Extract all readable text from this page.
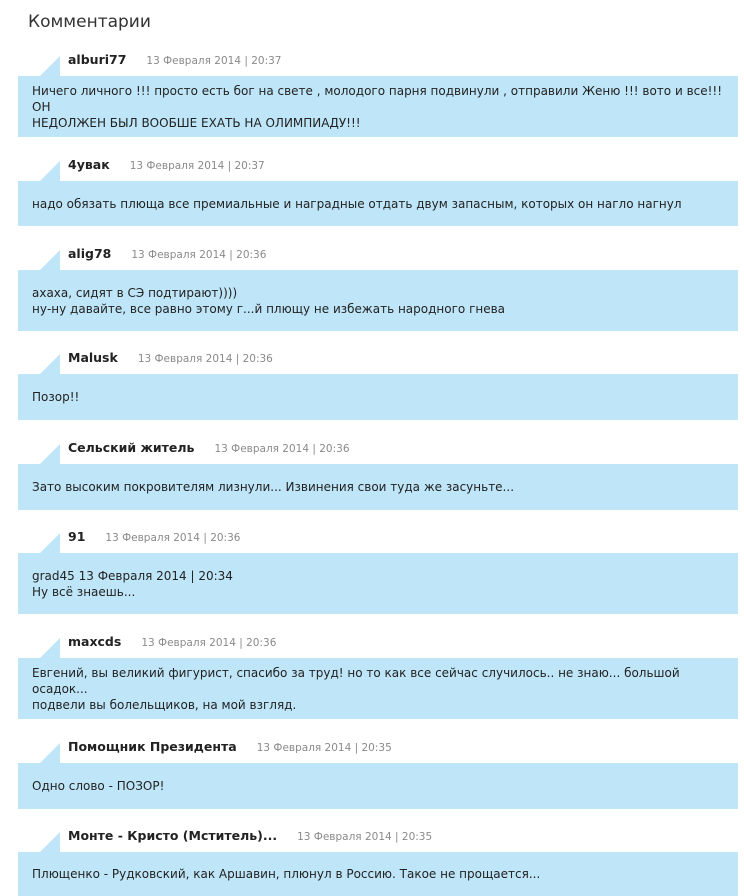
Комментарии
alburi77 13 Февраля 2014 | 20:37
Ничего личного !!! просто есть бог на свете , молодого парня подвинули , отправили Женю !!! вото и все!!! ОН
НЕДОЛЖЕН БЫЛ ВООБШЕ ЕХАТЬ НА ОЛИМПИАДУ!!!
4увак 13 Февраля 2014 | 20:37
надо обязать плюща все премиальные и наградные отдать двум запасным, которых он нагло нагнул
alig78 13 Февраля 2014 | 20:36
ахаха, сидят в СЭ подтирают))))
ну-ну давайте, все равно этому г...й плющу не избежать народного гнева
Malusk 13 Февраля 2014 | 20:36
Позор!!
Сельский житель 13 Февраля 2014 | 20:36
Зато высоким покровителям лизнули... Извинения свои туда же засуньте...
91 13 Февраля 2014 | 20:36
grad45 13 Февраля 2014 | 20:34
Ну всё знаешь...
maxcds 13 Февраля 2014 | 20:36
Евгений, вы великий фигурист, спасибо за труд! но то как все сейчас случилось.. не знаю... большой осадок...
подвели вы болельщиков, на мой взгляд.
Помощник Президента 13 Февраля 2014 | 20:35
Одно слово - ПОЗОР!
Монте - Кристо (Мститель)... 13 Февраля 2014 | 20:35
Плющенко - Рудковский, как Аршавин, плюнул в Россию. Такое не прощается...
